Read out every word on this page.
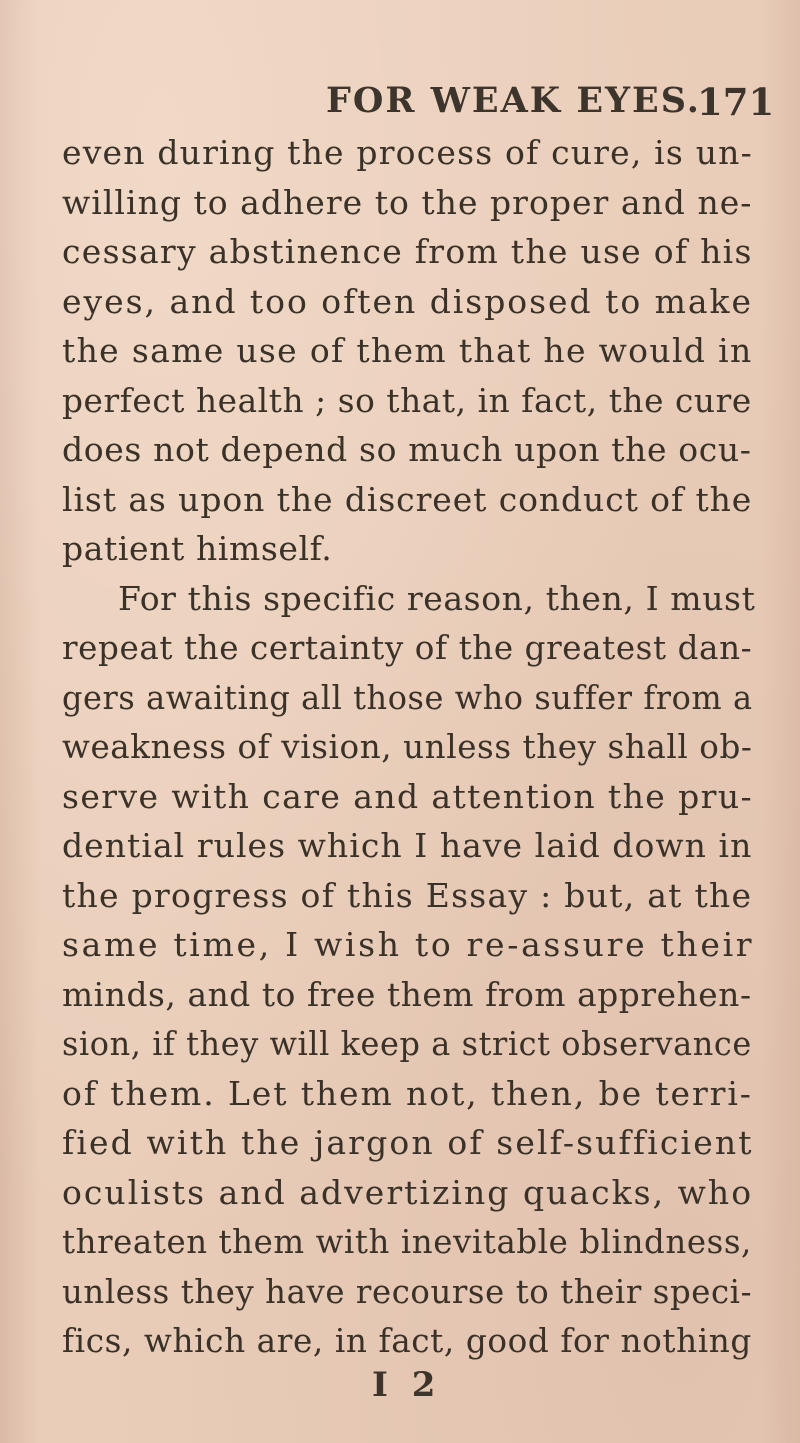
FOR WEAK EYES.
171
even during the process of cure, is un-
willing to adhere to the proper and ne-
cessary abstinence from the use of his
eyes, and too often disposed to make
the same use of them that he would in
perfect health ; so that, in fact, the cure
does not depend so much upon the ocu-
list as upon the discreet conduct of the
patient himself.
For this specific reason, then, I must
repeat the certainty of the greatest dan-
gers awaiting all those who suffer from a
weakness of vision, unless they shall ob-
serve with care and attention the pru-
dential rules which I have laid down in
the progress of this Essay : but, at the
same time, I wish to re-assure their
minds, and to free them from apprehen-
sion, if they will keep a strict observance
of them. Let them not, then, be terri-
fied with the jargon of self-sufficient
oculists and advertizing quacks, who
threaten them with inevitable blindness,
unless they have recourse to their speci-
fics, which are, in fact, good for nothing
I 2
